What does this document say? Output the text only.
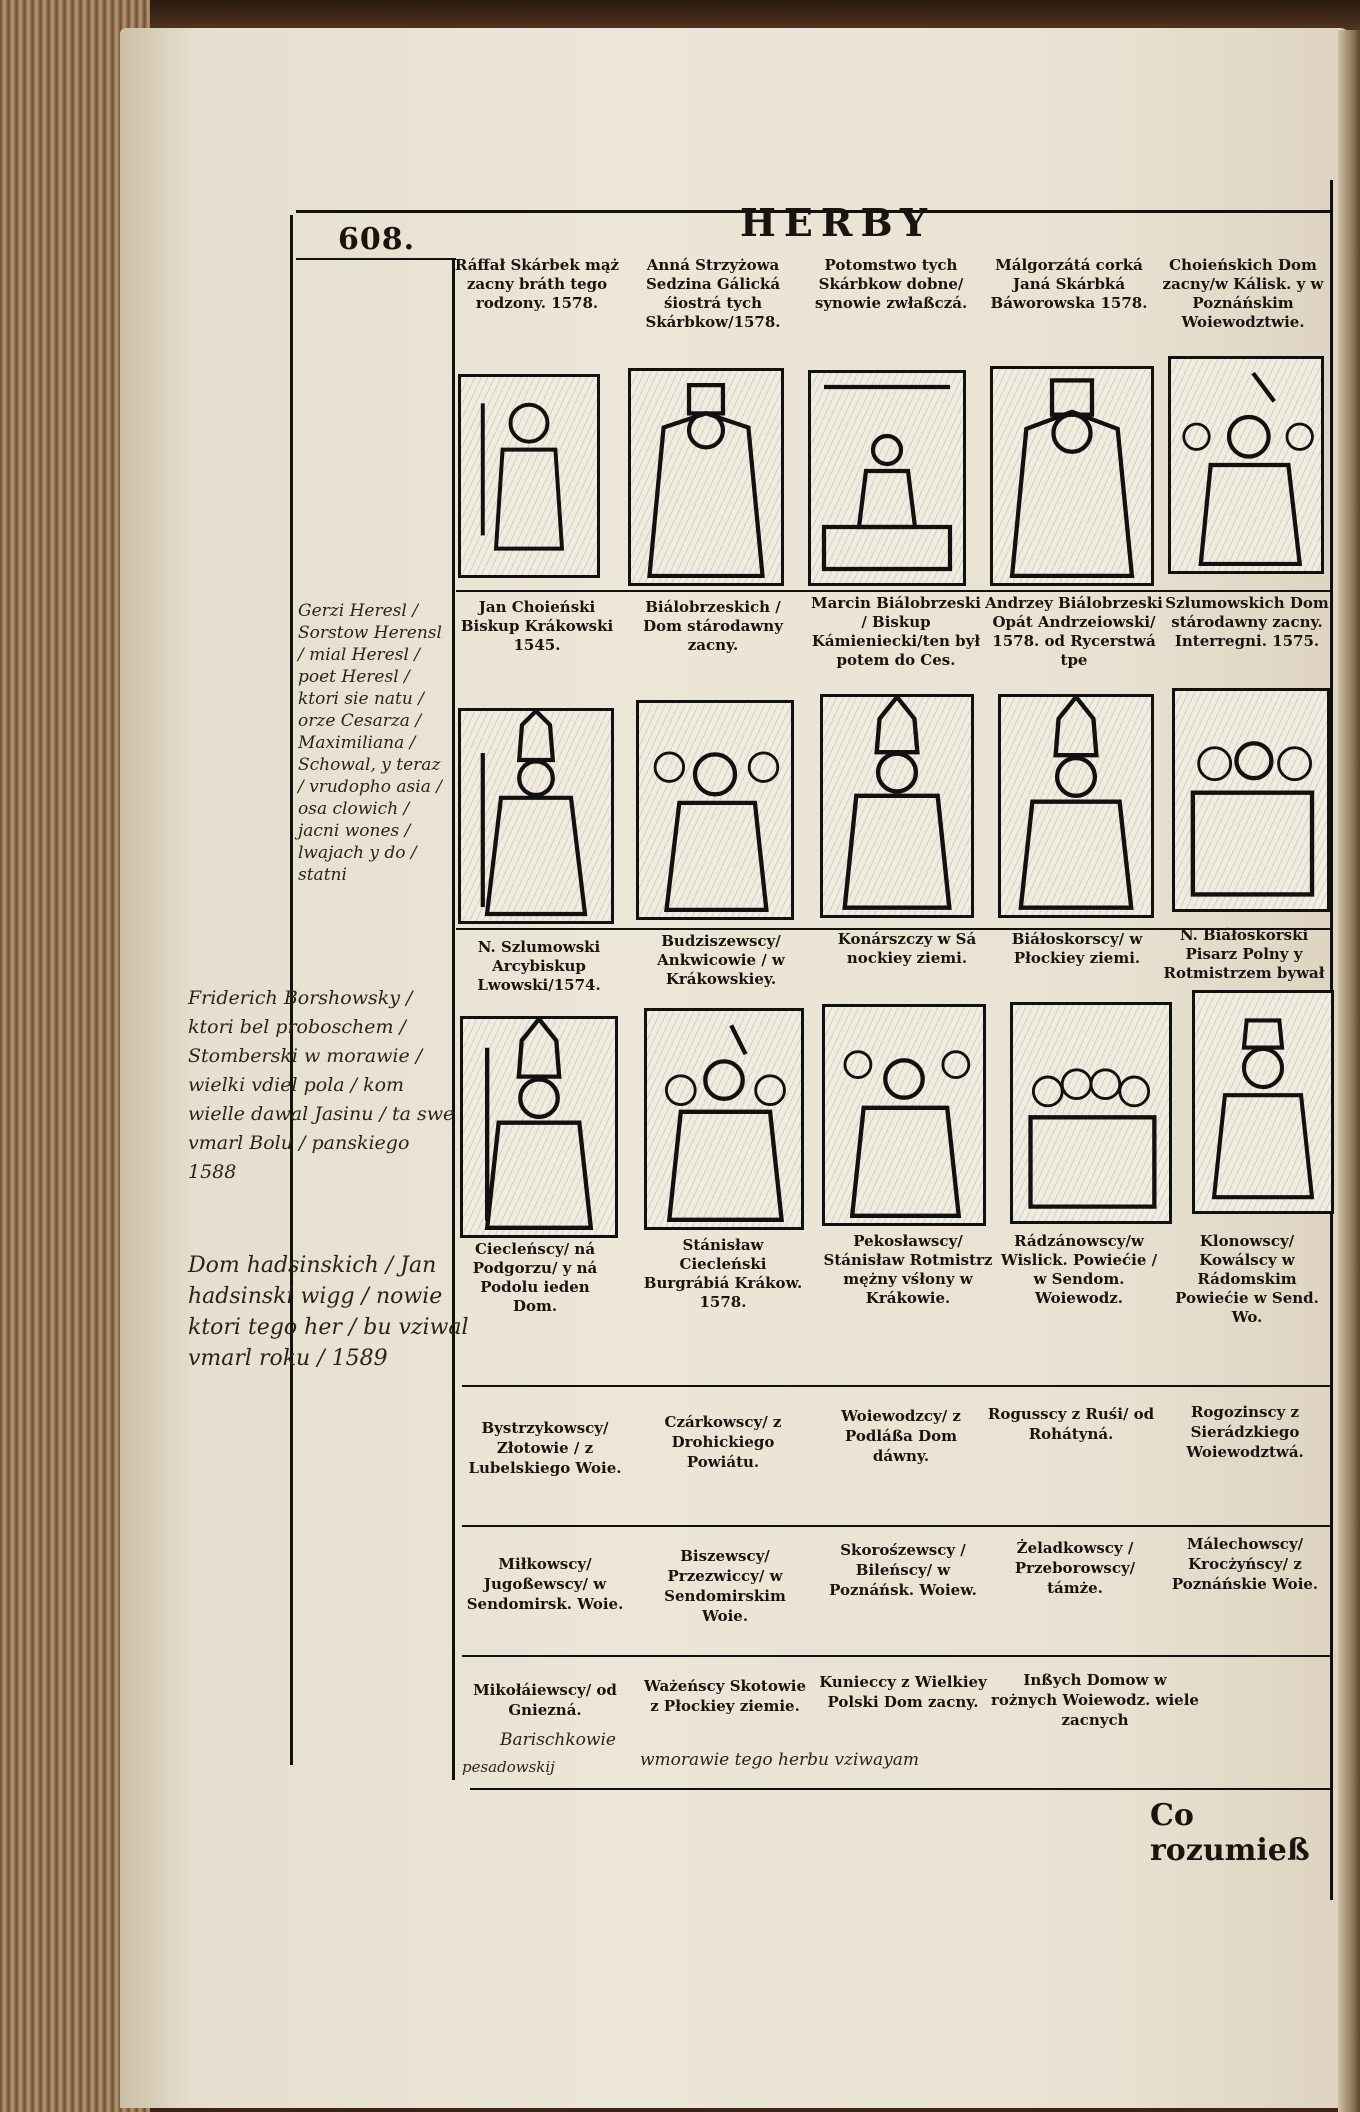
608.	HERBY
Ráffał Skárbek mąż zacny bráth tego rodzony. 1578.
Anná Strzyżowa Sedzina Gálická śiostrá tych Skárbkow/1578.
Potomstwo tych Skárbkow dobne/ synowie zwłaßczá.
Málgorzátá corká Janá Skárbká Báworowska 1578.
Choieńskich Dom zacny/w Kálisk. y w Poznáńskim Woiewodztwie.
Jan Choieński Biskup Krákowski 1545.
Biálobrzeskich / Dom stárodawny zacny.
Marcin Biálobrzeski / Biskup Kámieniecki/ten był potem do Ces.
Andrzey Biálobrzeski Opát Andrzeiowski/ 1578. od Rycerstwá tpe
Szlumowskich Dom stárodawny zacny. Interregni. 1575.
N. Szlumowski Arcybiskup Lwowski/1574.
Budziszewscy/ Ankwicowie / w Krákowskiey.
Konárszczy w Sá nockiey ziemi.
Biáłoskorscy/ w Płockiey ziemi.
N. Biáłoskorski Pisarz Polny y Rotmistrzem bywał
Ciecleńscy/ ná Podgorzu/ y ná Podolu ieden Dom.
Stánisław Ciecleński Burgrábiá Krákow. 1578.
Pekosławscy/ Stánisław Rotmistrz mężny vśłony w Krákowie.
Rádzánowscy/w Wislick. Powiećie / w Sendom. Woiewodz.
Klonowscy/ Kowálscy w Rádomskim Powiećie w Send. Wo.
Bystrzykowscy/ Złotowie / z Lubelskiego Woie.
Czárkowscy/ z Drohickiego Powiátu.
Woiewodzcy/ z Podláßa Dom dáwny.
Rogusscy z Ruśi/ od Rohátyná.
Rogozinscy z Sierádzkiego Woiewodztwá.
Miłkowscy/ Jugoßewscy/ w Sendomirsk. Woie.
Biszewscy/ Przezwiccy/ w Sendomirskim Woie.
Skorośzewscy / Bileńscy/ w Poznáńsk. Woiew.
Żeladkowscy / Przeborowscy/ támże.
Málechowscy/ Krocżyńscy/ z Poznáńskie Woie.
Mikołáiewscy/ od Gniezná.
Ważeńscy Skotowie z Płockiey ziemie.
Kunieccy z Wielkiey Polski Dom zacny.
Inßych Domow w rożnych Woiewodz. wiele zacnych
Gerzi Heresl / Sorstow Herensl / mial Heresl / poet Heresl / ktori sie natu / orze Cesarza / Maximiliana / Schowal, y teraz / vrudopho asia / osa clowich / jacni wones / lwajach y do / statni
Friderich Borshowsky / ktori bel proboschem / Stomberski w morawie / wielki vdiel pola / kom wielle dawal Jasinu / ta swe vmarl Bolu / panskiego 1588
Dom hadsinskich / Jan hadsinski wigg / nowie ktori tego her / bu vziwal vmarl roku / 1589
Barischkowie
pesadowskij	wmorawie tego herbu vziwayam
Co rozumieß
